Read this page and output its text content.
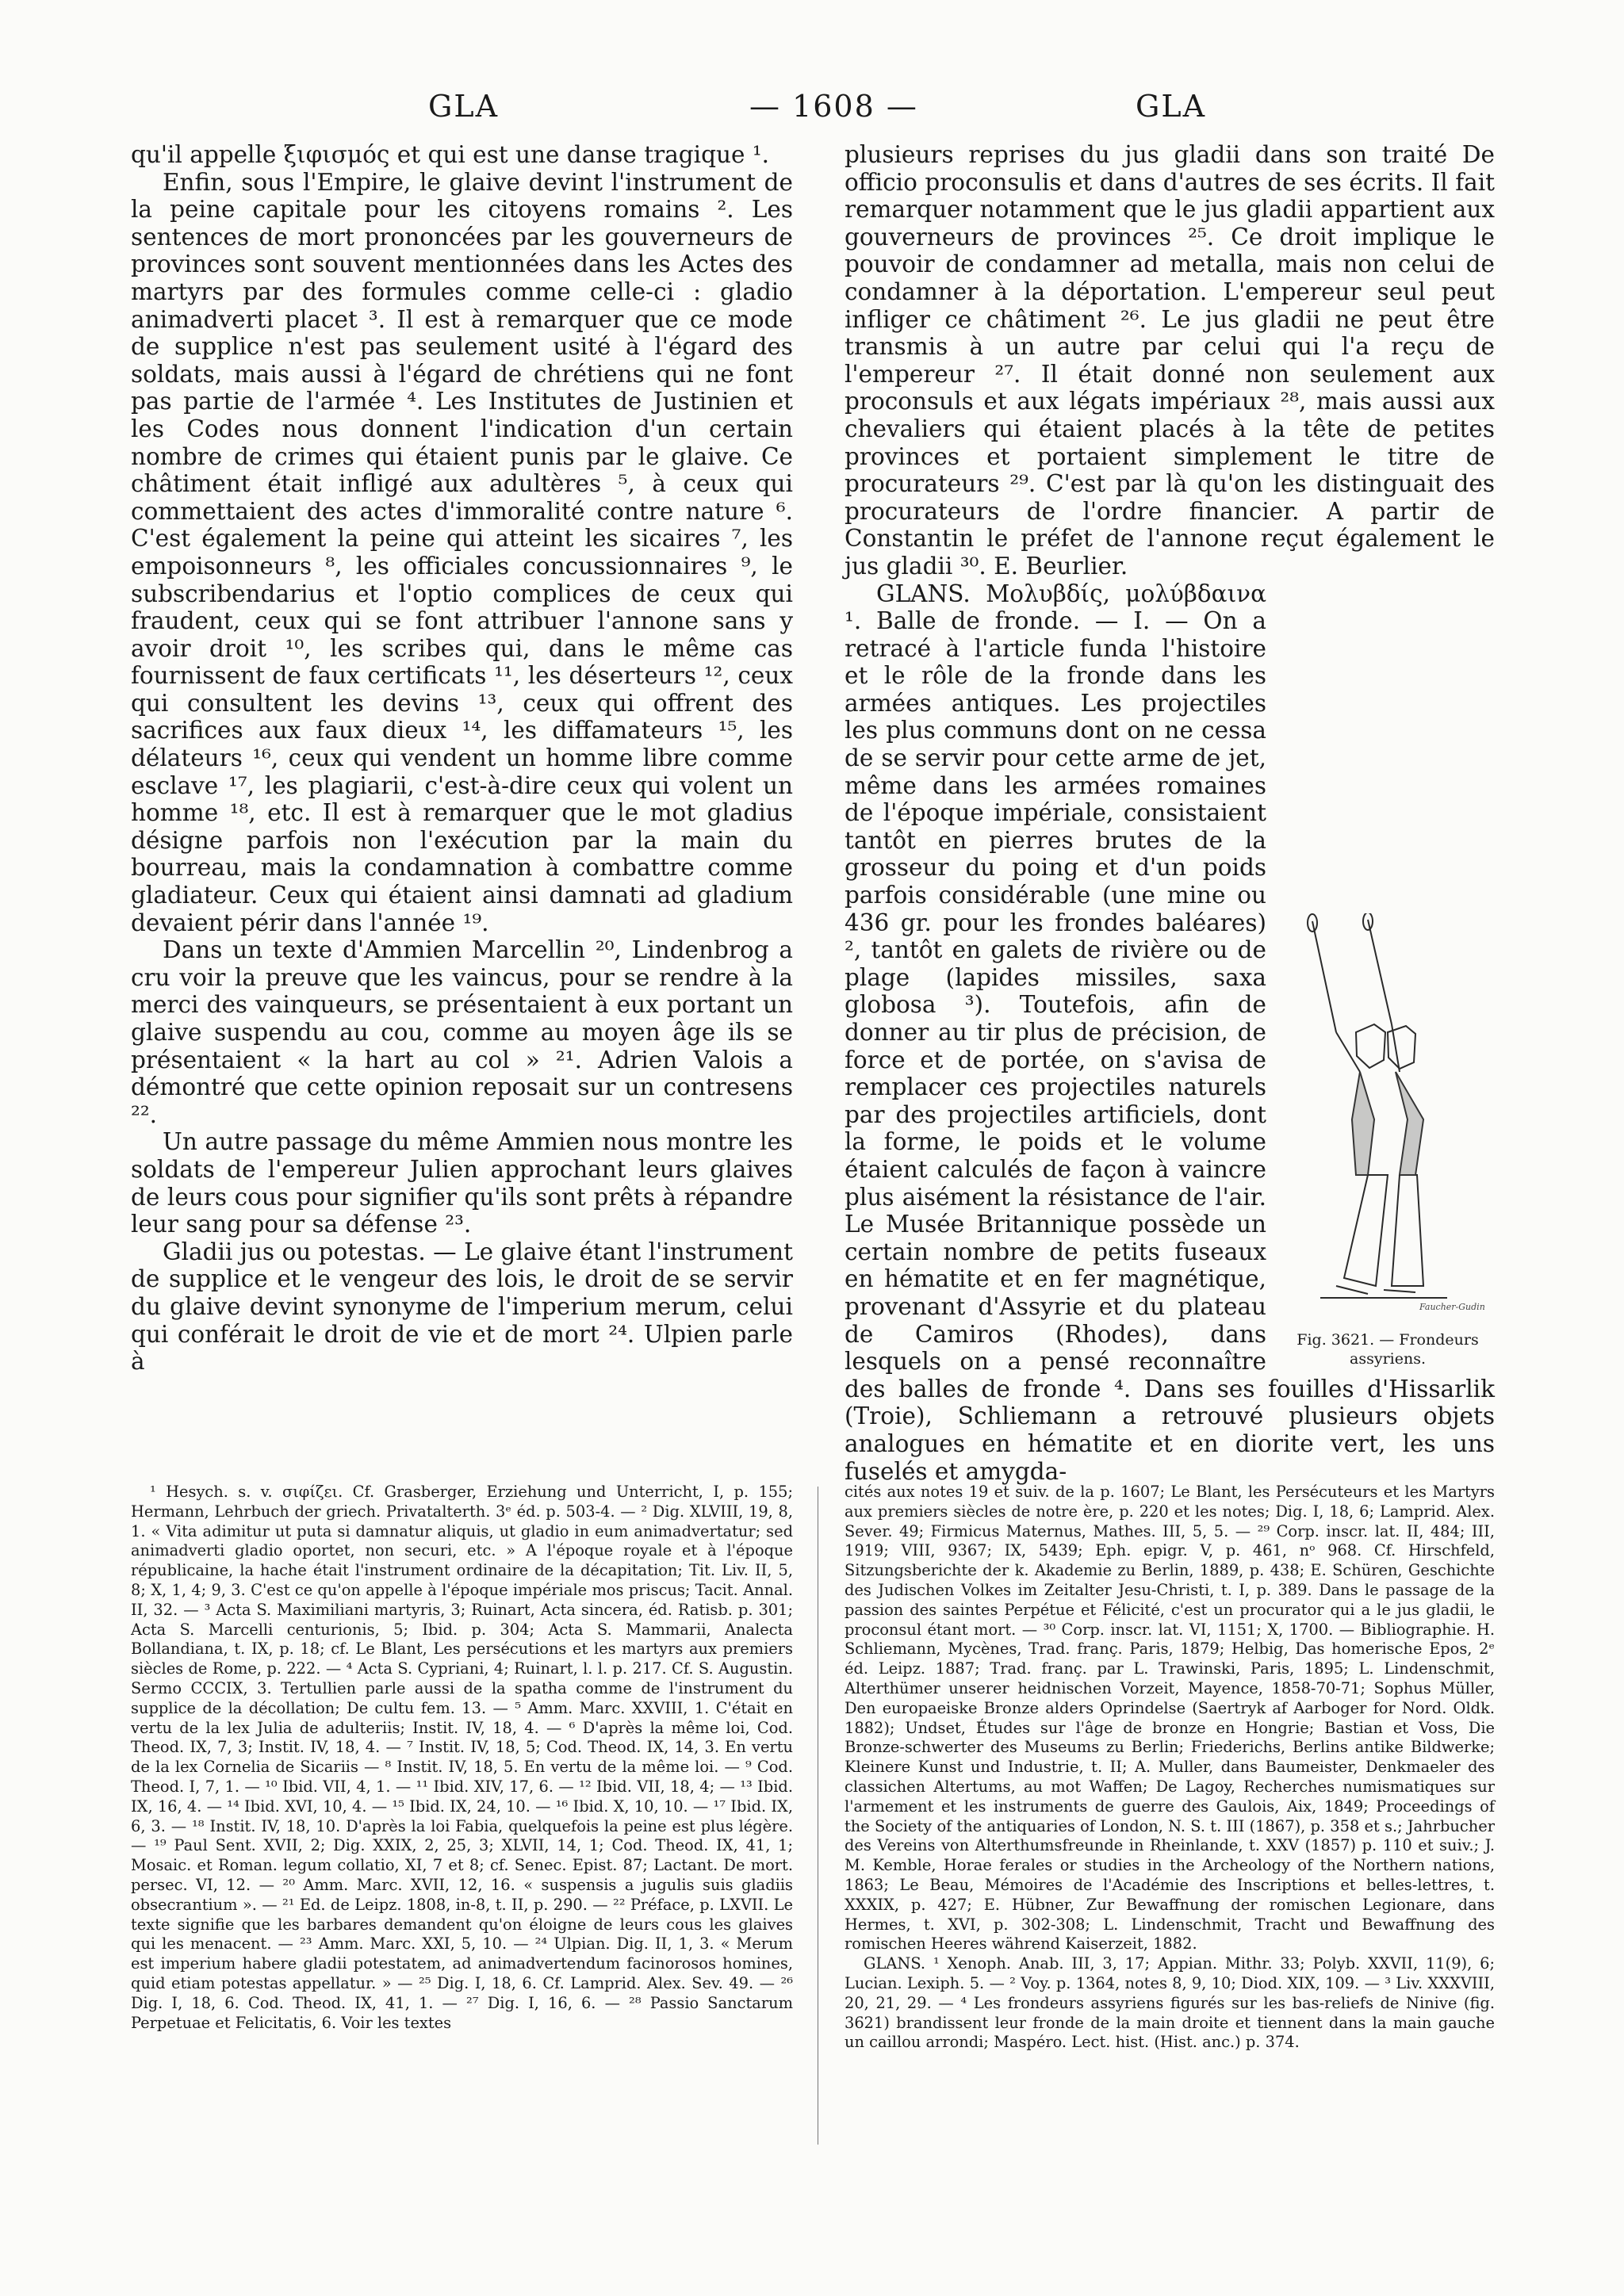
GLA	— 1608 —	GLA

qu'il appelle ξιφισμός et qui est une danse tragique ¹.

Enfin, sous l'Empire, le glaive devint l'instrument de la peine capitale pour les citoyens romains ². Les sentences de mort prononcées par les gouverneurs de provinces sont souvent mentionnées dans les Actes des martyrs par des formules comme celle-ci : gladio animadverti placet ³. Il est à remarquer que ce mode de supplice n'est pas seulement usité à l'égard des soldats, mais aussi à l'égard de chrétiens qui ne font pas partie de l'armée ⁴. Les Institutes de Justinien et les Codes nous donnent l'indication d'un certain nombre de crimes qui étaient punis par le glaive. Ce châtiment était infligé aux adultères ⁵, à ceux qui commettaient des actes d'immoralité contre nature ⁶. C'est également la peine qui atteint les sicaires ⁷, les empoisonneurs ⁸, les officiales concussionnaires ⁹, le subscribendarius et l'optio complices de ceux qui fraudent, ceux qui se font attribuer l'annone sans y avoir droit ¹⁰, les scribes qui, dans le même cas fournissent de faux certificats ¹¹, les déserteurs ¹², ceux qui consultent les devins ¹³, ceux qui offrent des sacrifices aux faux dieux ¹⁴, les diffamateurs ¹⁵, les délateurs ¹⁶, ceux qui vendent un homme libre comme esclave ¹⁷, les plagiarii, c'est-à-dire ceux qui volent un homme ¹⁸, etc. Il est à remarquer que le mot gladius désigne parfois non l'exécution par la main du bourreau, mais la condamnation à combattre comme gladiateur. Ceux qui étaient ainsi damnati ad gladium devaient périr dans l'année ¹⁹.

Dans un texte d'Ammien Marcellin ²⁰, Lindenbrog a cru voir la preuve que les vaincus, pour se rendre à la merci des vainqueurs, se présentaient à eux portant un glaive suspendu au cou, comme au moyen âge ils se présentaient « la hart au col » ²¹. Adrien Valois a démontré que cette opinion reposait sur un contresens ²².

Un autre passage du même Ammien nous montre les soldats de l'empereur Julien approchant leurs glaives de leurs cous pour signifier qu'ils sont prêts à répandre leur sang pour sa défense ²³.

Gladii jus ou potestas. — Le glaive étant l'instrument de supplice et le vengeur des lois, le droit de se servir du glaive devint synonyme de l'imperium merum, celui qui conférait le droit de vie et de mort ²⁴. Ulpien parle à

plusieurs reprises du jus gladii dans son traité De officio proconsulis et dans d'autres de ses écrits. Il fait remarquer notamment que le jus gladii appartient aux gouverneurs de provinces ²⁵. Ce droit implique le pouvoir de condamner ad metalla, mais non celui de condamner à la déportation. L'empereur seul peut infliger ce châtiment ²⁶. Le jus gladii ne peut être transmis à un autre par celui qui l'a reçu de l'empereur ²⁷. Il était donné non seulement aux proconsuls et aux légats impériaux ²⁸, mais aussi aux chevaliers qui étaient placés à la tête de petites provinces et portaient simplement le titre de procurateurs ²⁹. C'est par là qu'on les distinguait des procurateurs de l'ordre financier. A partir de Constantin le préfet de l'annone reçut également le jus gladii ³⁰. E. Beurlier.

Faucher-Gudin
Fig. 3621. — Frondeurs assyriens.

GLANS. Μολυβδίς, μολύβδαινα ¹. Balle de fronde. — I. — On a retracé à l'article funda l'histoire et le rôle de la fronde dans les armées antiques. Les projectiles les plus communs dont on ne cessa de se servir pour cette arme de jet, même dans les armées romaines de l'époque impériale, consistaient tantôt en pierres brutes de la grosseur du poing et d'un poids parfois considérable (une mine ou 436 gr. pour les frondes baléares) ², tantôt en galets de rivière ou de plage (lapides missiles, saxa globosa ³). Toutefois, afin de donner au tir plus de précision, de force et de portée, on s'avisa de remplacer ces projectiles naturels par des projectiles artificiels, dont la forme, le poids et le volume étaient calculés de façon à vaincre plus aisément la résistance de l'air. Le Musée Britannique possède un certain nombre de petits fuseaux en hématite et en fer magnétique, provenant d'Assyrie et du plateau de Camiros (Rhodes), dans lesquels on a pensé reconnaître des balles de fronde ⁴. Dans ses fouilles d'Hissarlik (Troie), Schliemann a retrouvé plusieurs objets analogues en hématite et en diorite vert, les uns fuselés et amygda-

¹ Hesych. s. v. σιφίζει. Cf. Grasberger, Erziehung und Unterricht, I, p. 155; Hermann, Lehrbuch der griech. Privatalterth. 3ᵉ éd. p. 503-4. — ² Dig. XLVIII, 19, 8, 1. « Vita adimitur ut puta si damnatur aliquis, ut gladio in eum animadvertatur; sed animadverti gladio oportet, non securi, etc. » A l'époque royale et à l'époque républicaine, la hache était l'instrument ordinaire de la décapitation; Tit. Liv. II, 5, 8; X, 1, 4; 9, 3. C'est ce qu'on appelle à l'époque impériale mos priscus; Tacit. Annal. II, 32. — ³ Acta S. Maximiliani martyris, 3; Ruinart, Acta sincera, éd. Ratisb. p. 301; Acta S. Marcelli centurionis, 5; Ibid. p. 304; Acta S. Mammarii, Analecta Bollandiana, t. IX, p. 18; cf. Le Blant, Les persécutions et les martyrs aux premiers siècles de Rome, p. 222. — ⁴ Acta S. Cypriani, 4; Ruinart, l. l. p. 217. Cf. S. Augustin. Sermo CCCIX, 3. Tertullien parle aussi de la spatha comme de l'instrument du supplice de la décollation; De cultu fem. 13. — ⁵ Amm. Marc. XXVIII, 1. C'était en vertu de la lex Julia de adulteriis; Instit. IV, 18, 4. — ⁶ D'après la même loi, Cod. Theod. IX, 7, 3; Instit. IV, 18, 4. — ⁷ Instit. IV, 18, 5; Cod. Theod. IX, 14, 3. En vertu de la lex Cornelia de Sicariis — ⁸ Instit. IV, 18, 5. En vertu de la même loi. — ⁹ Cod. Theod. I, 7, 1. — ¹⁰ Ibid. VII, 4, 1. — ¹¹ Ibid. XIV, 17, 6. — ¹² Ibid. VII, 18, 4; — ¹³ Ibid. IX, 16, 4. — ¹⁴ Ibid. XVI, 10, 4. — ¹⁵ Ibid. IX, 24, 10. — ¹⁶ Ibid. X, 10, 10. — ¹⁷ Ibid. IX, 6, 3. — ¹⁸ Instit. IV, 18, 10. D'après la loi Fabia, quelquefois la peine est plus légère. — ¹⁹ Paul Sent. XVII, 2; Dig. XXIX, 2, 25, 3; XLVII, 14, 1; Cod. Theod. IX, 41, 1; Mosaic. et Roman. legum collatio, XI, 7 et 8; cf. Senec. Epist. 87; Lactant. De mort. persec. VI, 12. — ²⁰ Amm. Marc. XVII, 12, 16. « suspensis a jugulis suis gladiis obsecrantium ». — ²¹ Ed. de Leipz. 1808, in-8, t. II, p. 290. — ²² Préface, p. LXVII. Le texte signifie que les barbares demandent qu'on éloigne de leurs cous les glaives qui les menacent. — ²³ Amm. Marc. XXI, 5, 10. — ²⁴ Ulpian. Dig. II, 1, 3. « Merum est imperium habere gladii potestatem, ad animadvertendum facinorosos homines, quid etiam potestas appellatur. » — ²⁵ Dig. I, 18, 6. Cf. Lamprid. Alex. Sev. 49. — ²⁶ Dig. I, 18, 6. Cod. Theod. IX, 41, 1. — ²⁷ Dig. I, 16, 6. — ²⁸ Passio Sanctarum Perpetuae et Felicitatis, 6. Voir les textes

cités aux notes 19 et suiv. de la p. 1607; Le Blant, les Persécuteurs et les Martyrs aux premiers siècles de notre ère, p. 220 et les notes; Dig. I, 18, 6; Lamprid. Alex. Sever. 49; Firmicus Maternus, Mathes. III, 5, 5. — ²⁹ Corp. inscr. lat. II, 484; III, 1919; VIII, 9367; IX, 5439; Eph. epigr. V, p. 461, nᵒ 968. Cf. Hirschfeld, Sitzungsberichte der k. Akademie zu Berlin, 1889, p. 438; E. Schüren, Geschichte des Judischen Volkes im Zeitalter Jesu-Christi, t. I, p. 389. Dans le passage de la passion des saintes Perpétue et Félicité, c'est un procurator qui a le jus gladii, le proconsul étant mort. — ³⁰ Corp. inscr. lat. VI, 1151; X, 1700. — Bibliographie. H. Schliemann, Mycènes, Trad. franç. Paris, 1879; Helbig, Das homerische Epos, 2ᵉ éd. Leipz. 1887; Trad. franç. par L. Trawinski, Paris, 1895; L. Lindenschmit, Alterthümer unserer heidnischen Vorzeit, Mayence, 1858-70-71; Sophus Müller, Den europaeiske Bronze alders Oprindelse (Saertryk af Aarboger for Nord. Oldk. 1882); Undset, Études sur l'âge de bronze en Hongrie; Bastian et Voss, Die Bronze-schwerter des Museums zu Berlin; Friederichs, Berlins antike Bildwerke; Kleinere Kunst und Industrie, t. II; A. Muller, dans Baumeister, Denkmaeler des classichen Altertums, au mot Waffen; De Lagoy, Recherches numismatiques sur l'armement et les instruments de guerre des Gaulois, Aix, 1849; Proceedings of the Society of the antiquaries of London, N. S. t. III (1867), p. 358 et s.; Jahrbucher des Vereins von Alterthumsfreunde in Rheinlande, t. XXV (1857) p. 110 et suiv.; J. M. Kemble, Horae ferales or studies in the Archeology of the Northern nations, 1863; Le Beau, Mémoires de l'Académie des Inscriptions et belles-lettres, t. XXXIX, p. 427; E. Hübner, Zur Bewaffnung der romischen Legionare, dans Hermes, t. XVI, p. 302-308; L. Lindenschmit, Tracht und Bewaffnung des romischen Heeres während Kaiserzeit, 1882.

GLANS. ¹ Xenoph. Anab. III, 3, 17; Appian. Mithr. 33; Polyb. XXVII, 11(9), 6; Lucian. Lexiph. 5. — ² Voy. p. 1364, notes 8, 9, 10; Diod. XIX, 109. — ³ Liv. XXXVIII, 20, 21, 29. — ⁴ Les frondeurs assyriens figurés sur les bas-reliefs de Ninive (fig. 3621) brandissent leur fronde de la main droite et tiennent dans la main gauche un caillou arrondi; Maspéro. Lect. hist. (Hist. anc.) p. 374.
